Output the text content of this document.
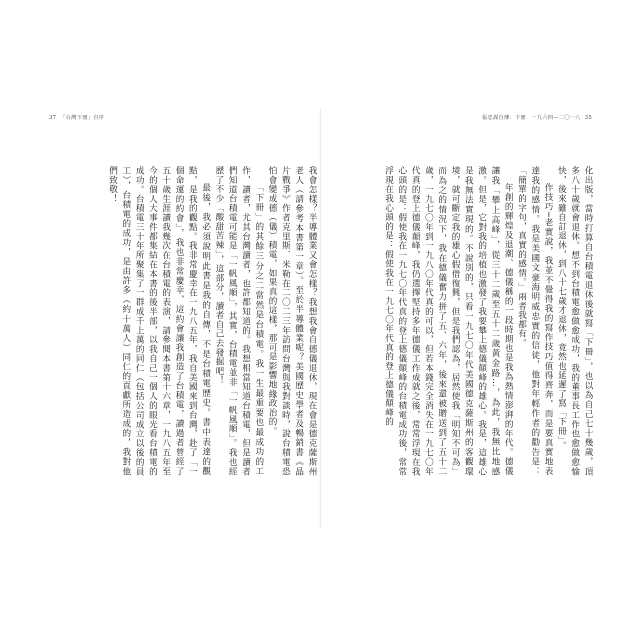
37 「台灣下冊」自序

我會怎樣？半導體業又會怎樣？我想我會自德儀退休，現在會是德克薩斯州老人（請參考本書第一章）。至於半導體業呢？美國歷史學者及暢銷書《晶片戰爭》作者克里斯．米勒在二〇二三年訪問台灣與我對談時，說台積電恐怕會變成德（儀）積電，如果真的這樣，那可是影響地緣政治的。

「下冊」的其餘三分之二當然是台積電。我一生最重要也最成功的工作，讀者，尤其台灣讀者，也許都知道的。我想相當知道台積電，但是讀者們知道台積電可能是「一帆風順」，其實，台積電並非「一帆風順」。我也經歷了不少「酸甜苦辣」，這部分，讀者自己去發掘吧！

最後，我必須說明此書是我的自傳，不是台積電歷史。書中表達的觀點，是我的觀點。我非常慶幸在一九八五年，我自美國來到台灣，赴了「一個命運的約會」，我也非常慶幸，這約會讓我創造了台積電，讀過者曾經了五十歲生涯讀我幾次在台積電的表演，請參閱本書第十六章，一九八五年至今的個人大事件都集結在本書的後半部，以我自己一個人的眼光看台積電的成功。台積電三十年所聚集了一群成千上萬的同仁（包括公司成立以後的員工），台積電的成功，是由許多（約十萬人）同仁的貢獻所造成的，我對他們致敬！

張忠謀自傳：下冊　一九六四—二〇一八 35

化出版，當時打算自台積電退休後就寫「下冊」，也以為自己七十幾歲，頂多八十歲就會退休。想不到台積電愈做愈成功，我的董事長工作也愈做愈愉快，後來雖自訂退休，到八十七歲才退休，竟然也延遲了寫「下冊」。

作技巧─老實說，我並不覺得我的寫作技巧值得齊奔，而是要真實地表達我的感情。我是美國文豪海明威忠實的信徒，他對年輕作者的勸告是：「簡單的字句，真實的感情。」兩者我都有。

年創的輝煌及退潮、德儀稱的一段時期也是我為熱情澎湃的年代。德儀讓我「攀上高峰」，從三十二歲至五十二歲黃金路…，為此，我無比地感激。但是，它對我的培植也激發了我要攀上德儀顛峰的雄心。我是，這雄心是我無法實現的。不說別的，只看一九七〇年代美國德克薩斯州的客觀環境，就可斷定我的雄心假借復興，但是我們認為，居然使我「明知不可為」而為之的情況下，我在德儀奮力拼了五、六年，後來還被贈送到了五十二歲，一九七〇年到一九八〇年代真的可以，但若本錢完全消失在一九七〇年代真的登上德儀顛峰，我仍選擇堅持多年德儀工作成就之後，常常浮現在我心頭的是：假使我在一九七〇年代真的登上德儀顛峰的台積電成功後，常常浮現在我心頭的是：假使我在一九七〇年代真的登上德儀顛峰的
